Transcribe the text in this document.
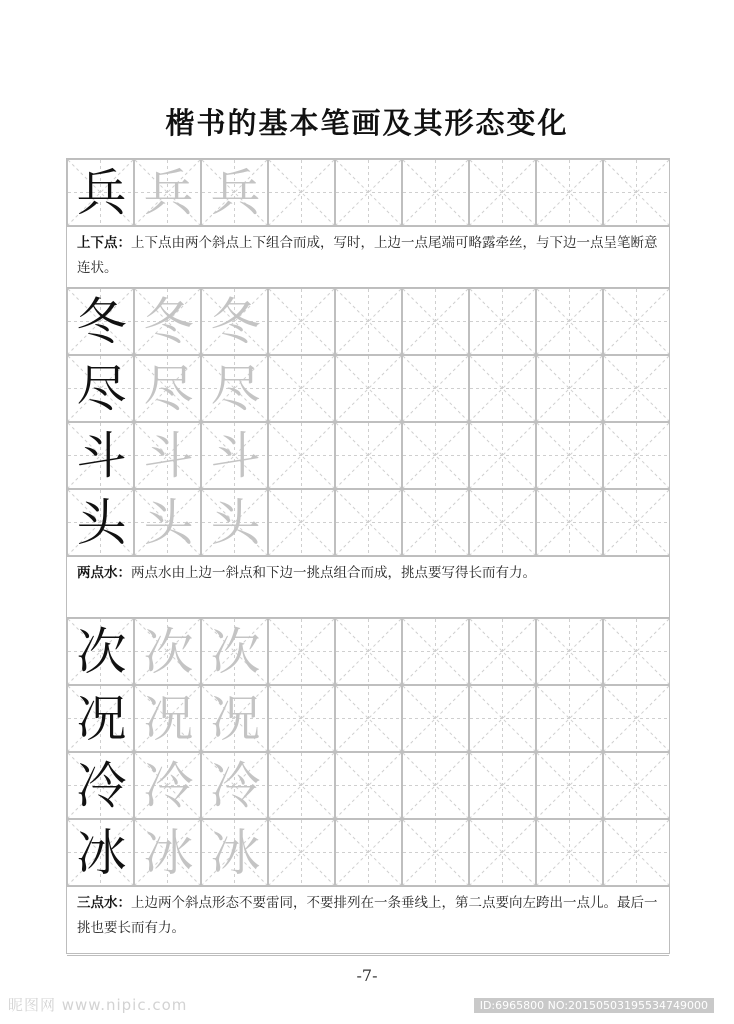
楷书的基本笔画及其形态变化
兵 兵 兵
上下点：上下点由两个斜点上下组合而成，写时，上边一点尾端可略露牵丝，与下边一点呈笔断意连状。
冬 冬 冬
尽 尽 尽
斗 斗 斗
头 头 头
两点水：两点水由上边一斜点和下边一挑点组合而成，挑点要写得长而有力。
次 次 次
况 况 况
冷 冷 冷
冰 冰 冰
三点水：上边两个斜点形态不要雷同，不要排列在一条垂线上，第二点要向左跨出一点儿。最后一挑也要长而有力。
-7-
昵图网 www.nipic.com	ID:6965800 NO:20150503195534749000
